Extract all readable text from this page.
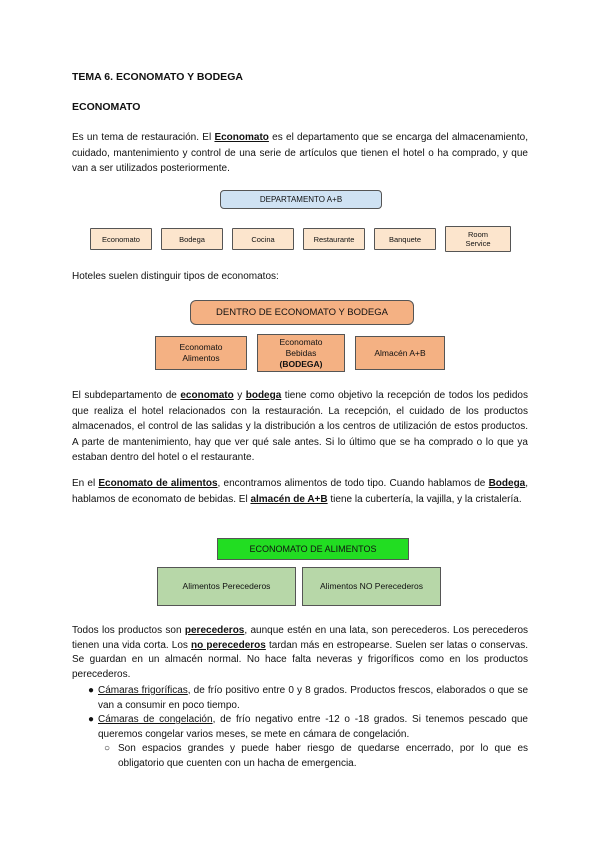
TEMA 6. ECONOMATO Y BODEGA
ECONOMATO
Es un tema de restauración. El Economato es el departamento que se encarga del almacenamiento, cuidado, mantenimiento y control de una serie de artículos que tienen el hotel o ha comprado, y que van a ser utilizados posteriormente.
DEPARTAMENTO A+B
Economato	Bodega	Cocina	Restaurante	Banquete	Room Service
Hoteles suelen distinguir tipos de economatos:
DENTRO DE ECONOMATO Y BODEGA
Economato
Alimentos
Economato
Bebidas
(BODEGA)
Almacén A+B
El subdepartamento de economato y bodega tiene como objetivo la recepción de todos los pedidos que realiza el hotel relacionados con la restauración. La recepción, el cuidado de los productos almacenados, el control de las salidas y la distribución a los centros de utilización de estos productos. A parte de mantenimiento, hay que ver qué sale antes. Si lo último que se ha comprado o lo que ya estaban dentro del hotel o el restaurante.
En el Economato de alimentos, encontramos alimentos de todo tipo. Cuando hablamos de Bodega, hablamos de economato de bebidas. El almacén de A+B tiene la cubertería, la vajilla, y la cristalería.
ECONOMATO DE ALIMENTOS
Alimentos Perecederos	Alimentos NO Perecederos
Todos los productos son perecederos, aunque estén en una lata, son perecederos. Los perecederos tienen una vida corta. Los no perecederos tardan más en estropearse. Suelen ser latas o conservas. Se guardan en un almacén normal. No hace falta neveras y frigoríficos como en los productos perecederos.
● Cámaras frigoríficas, de frío positivo entre 0 y 8 grados. Productos frescos, elaborados o que se van a consumir en poco tiempo.
● Cámaras de congelación, de frío negativo entre -12 o -18 grados. Si tenemos pescado que queremos congelar varios meses, se mete en cámara de congelación.
○ Son espacios grandes y puede haber riesgo de quedarse encerrado, por lo que es obligatorio que cuenten con un hacha de emergencia.
